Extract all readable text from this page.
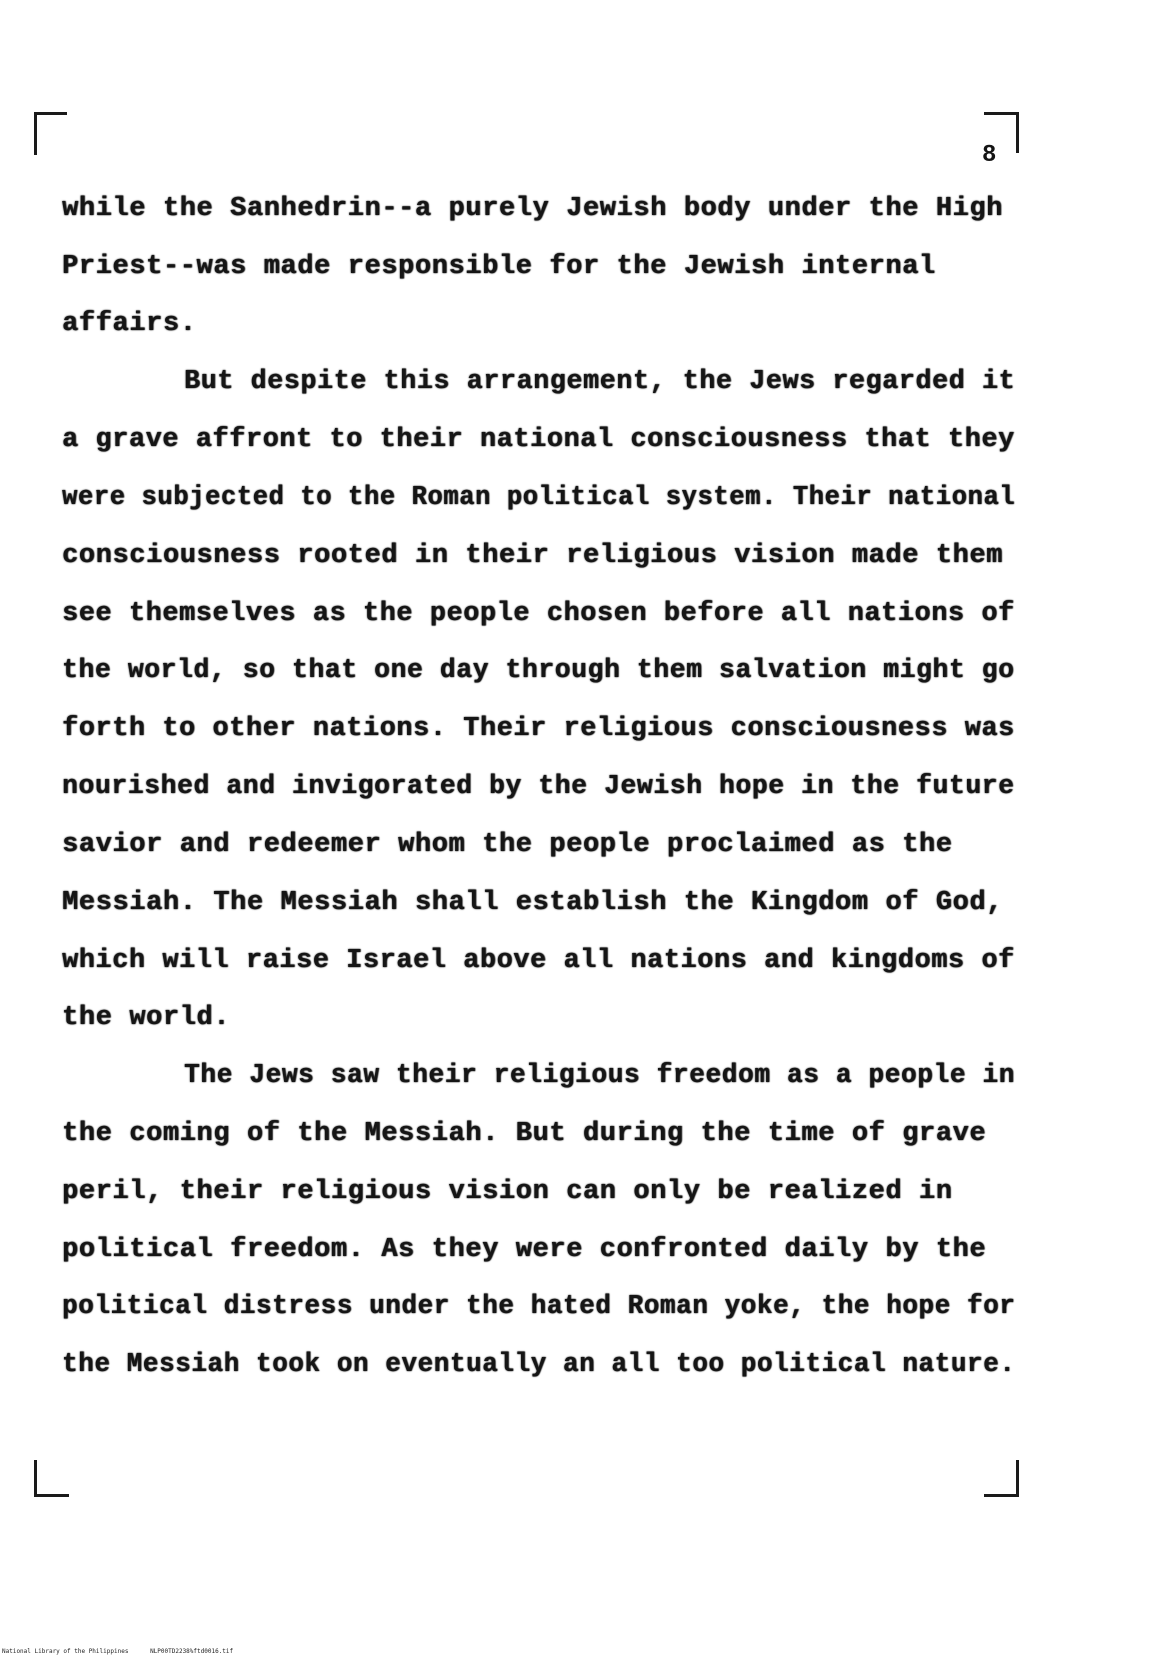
8
while the Sanhedrin--a purely Jewish body under the High
Priest--was made responsible for the Jewish internal
affairs.
But despite this arrangement, the Jews regarded it
a grave affront to their national consciousness that they
were subjected to the Roman political system. Their national
consciousness rooted in their religious vision made them
see themselves as the people chosen before all nations of
the world, so that one day through them salvation might go
forth to other nations. Their religious consciousness was
nourished and invigorated by the Jewish hope in the future
savior and redeemer whom the people proclaimed as the
Messiah. The Messiah shall establish the Kingdom of God,
which will raise Israel above all nations and kingdoms of
the world.
The Jews saw their religious freedom as a people in
the coming of the Messiah. But during the time of grave
peril, their religious vision can only be realized in
political freedom. As they were confronted daily by the
political distress under the hated Roman yoke, the hope for
the Messiah took on eventually an all too political nature.
National Library of the Philippines	NLP00TD2238%ftd0016.tif
